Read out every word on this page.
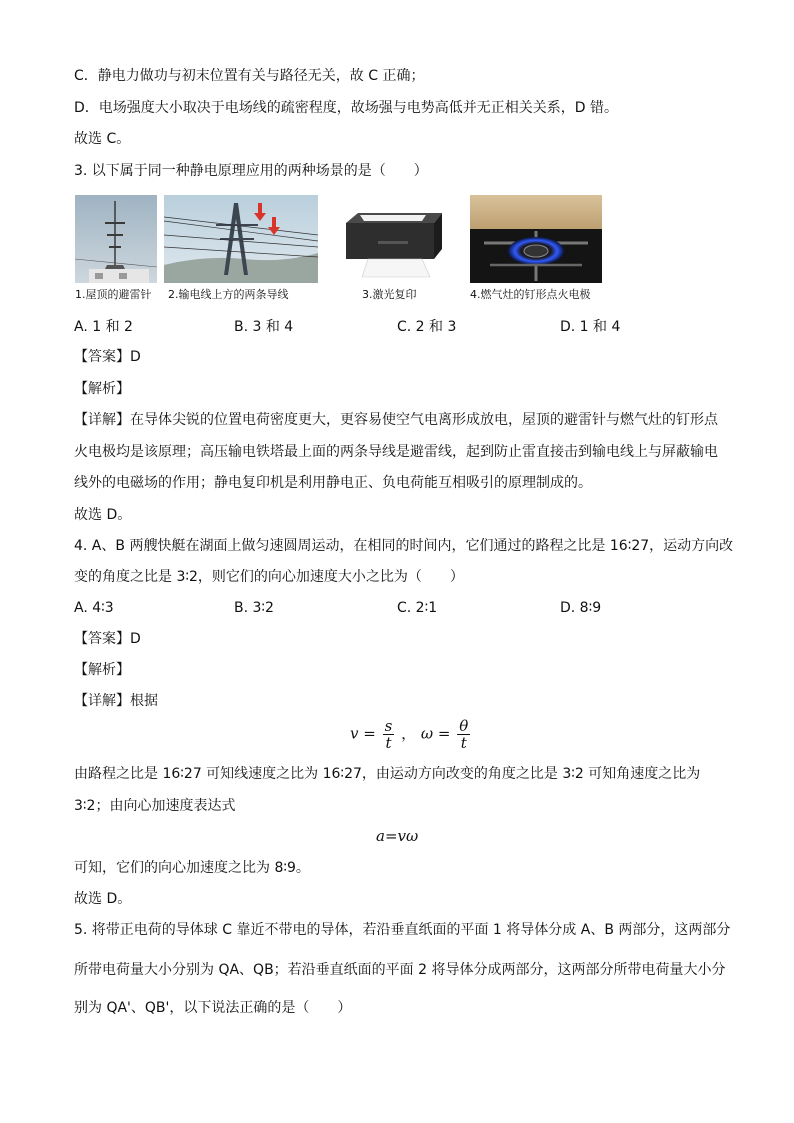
C．静电力做功与初末位置有关与路径无关，故 C 正确；
D．电场强度大小取决于电场线的疏密程度，故场强与电势高低并无正相关关系，D 错。
故选 C。
3. 以下属于同一种静电原理应用的两种场景的是（　　）
1.屋顶的避雷针 2.输电线上方的两条导线	3.激光复印	4.燃气灶的钉形点火电极
A. 1 和 2	B. 3 和 4	C. 2 和 3	D. 1 和 4
【答案】D
【解析】
【详解】在导体尖锐的位置电荷密度更大，更容易使空气电离形成放电，屋顶的避雷针与燃气灶的钉形点
火电极均是该原理；高压输电铁塔最上面的两条导线是避雷线，起到防止雷直接击到输电线上与屏蔽输电
线外的电磁场的作用；静电复印机是利用静电正、负电荷能互相吸引的原理制成的。
故选 D。
4. A、B 两艘快艇在湖面上做匀速圆周运动，在相同的时间内，它们通过的路程之比是 16∶27，运动方向改
变的角度之比是 3∶2，则它们的向心加速度大小之比为（　　）
A. 4∶3	B. 3∶2	C. 2∶1	D. 8∶9
【答案】D
【解析】
【详解】根据
$v = \frac{s}{t}$ ， $\omega = \frac{\theta}{t}$
由路程之比是 16∶27 可知线速度之比为 16∶27，由运动方向改变的角度之比是 3∶2 可知角速度之比为
3∶2；由向心加速度表达式
a=vω
可知，它们的向心加速度之比为 8∶9。
故选 D。
5. 将带正电荷的导体球 C 靠近不带电的导体，若沿垂直纸面的平面 1 将导体分成 A、B 两部分，这两部分
所带电荷量大小分别为 QA、QB；若沿垂直纸面的平面 2 将导体分成两部分，这两部分所带电荷量大小分
别为 QA'、QB'，以下说法正确的是（　　）
